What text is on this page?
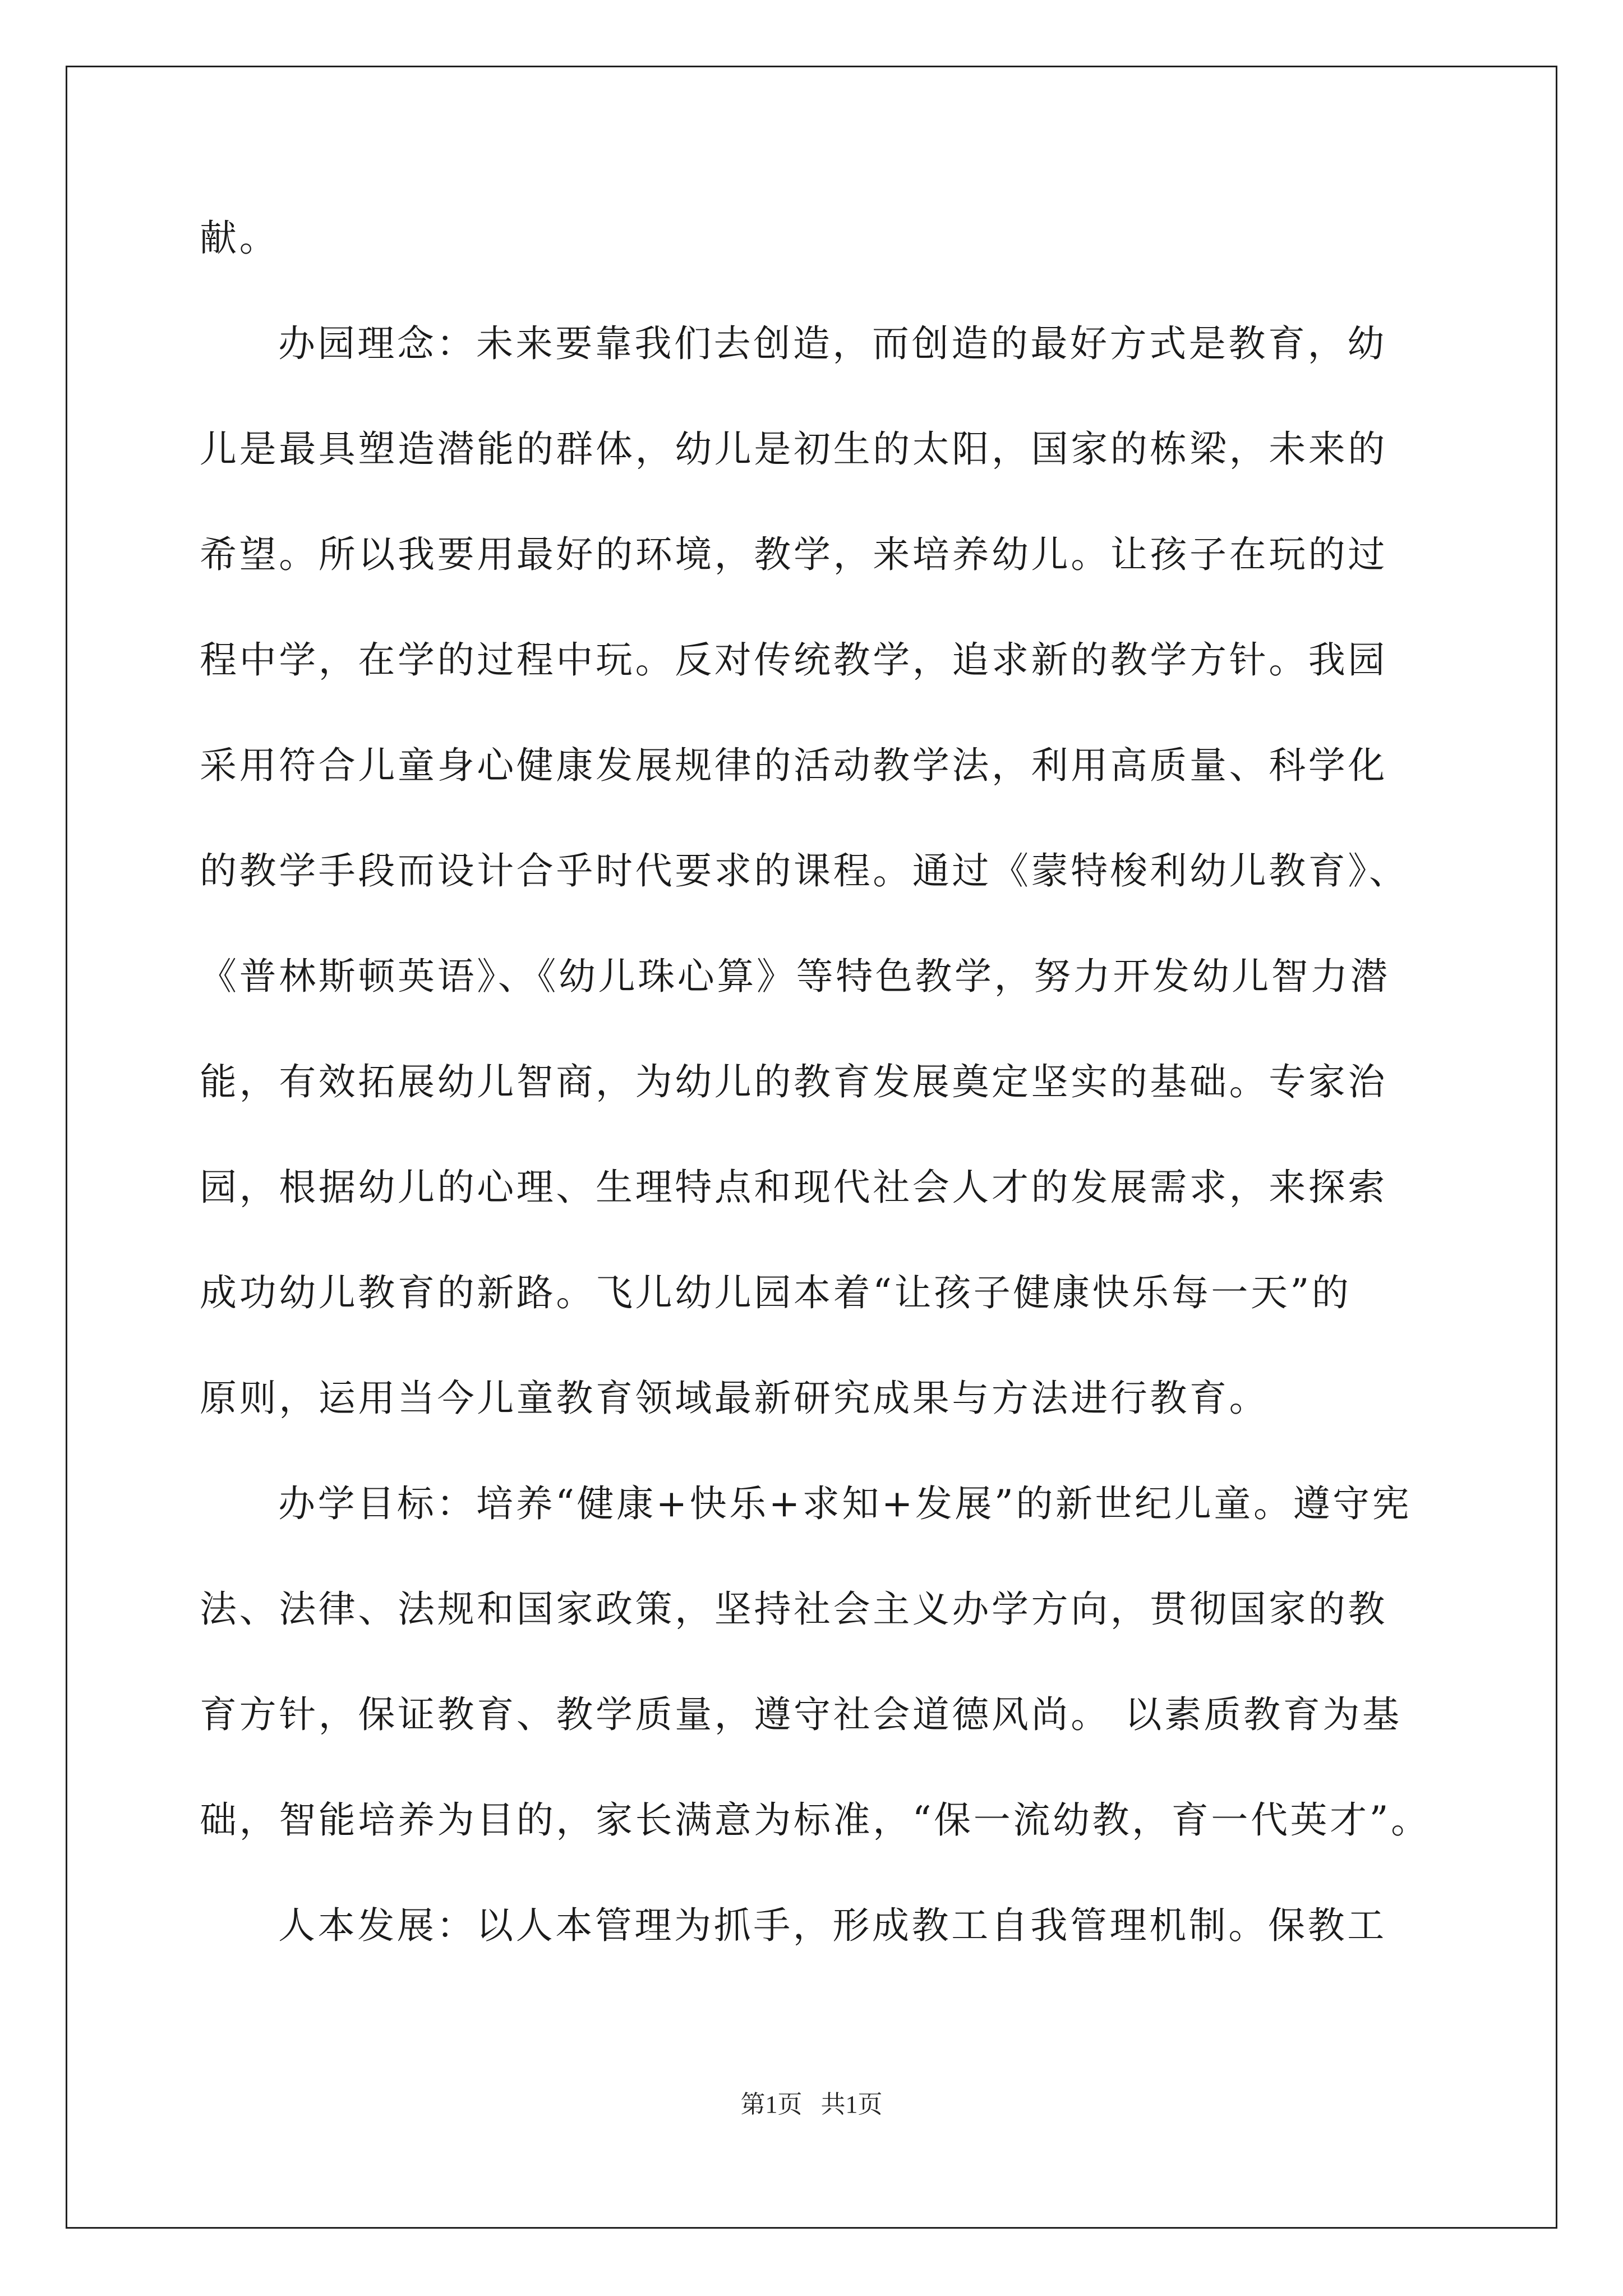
献。
办园理念：未来要靠我们去创造，而创造的最好方式是教育，幼
儿是最具塑造潜能的群体，幼儿是初生的太阳，国家的栋梁，未来的
希望。所以我要用最好的环境，教学，来培养幼儿。让孩子在玩的过
程中学，在学的过程中玩。反对传统教学，追求新的教学方针。我园
采用符合儿童身心健康发展规律的活动教学法，利用高质量、科学化
的教学手段而设计合乎时代要求的课程。通过《蒙特梭利幼儿教育》、
《普林斯顿英语》、《幼儿珠心算》等特色教学，努力开发幼儿智力潜
能，有效拓展幼儿智商，为幼儿的教育发展奠定坚实的基础。专家治
园，根据幼儿的心理、生理特点和现代社会人才的发展需求，来探索
成功幼儿教育的新路。飞儿幼儿园本着“让孩子健康快乐每一天”的
原则，运用当今儿童教育领域最新研究成果与方法进行教育。
办学目标：培养“健康+快乐+求知+发展”的新世纪儿童。遵守宪
法、法律、法规和国家政策，坚持社会主义办学方向，贯彻国家的教
育方针，保证教育、教学质量，遵守社会道德风尚。 以素质教育为基
础，智能培养为目的，家长满意为标准，“保一流幼教，育一代英才”。
人本发展：以人本管理为抓手，形成教工自我管理机制。保教工
第1页   共1页
